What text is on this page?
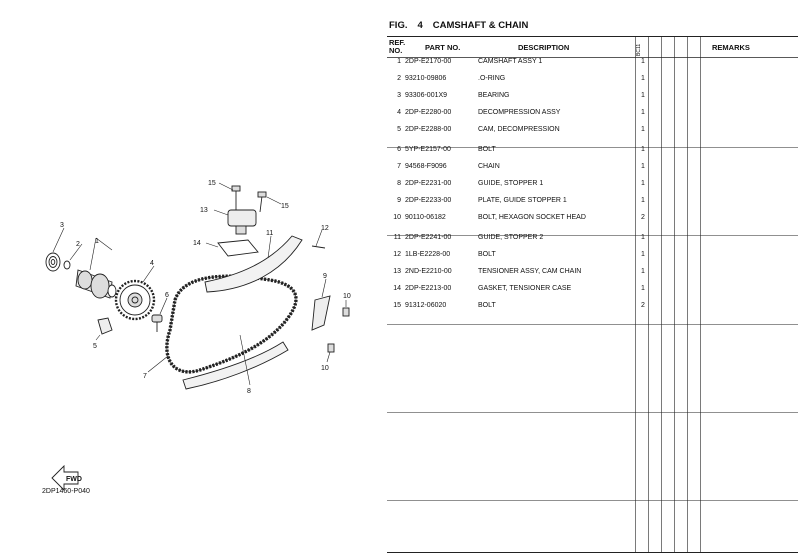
FWD
1
2
3
4
5
6
7
8
9
10
10
11
12
13
14
15
15
2DP1460-P040
FIG. 4 CAMSHAFT & CHAIN
REF.
NO.	PART NO.	DESCRIPTION	BC11	REMARKS
1 2DP-E2170-00	CAMSHAFT ASSY 1	1
2 93210-09806	.O-RING	1
3 93306-001X9	BEARING	1
4 2DP-E2280-00	DECOMPRESSION ASSY	1
5 2DP-E2288-00	CAM, DECOMPRESSION	1
6 5YP-E2157-00	BOLT	1
7 94568-F9096	CHAIN	1
8 2DP-E2231-00	GUIDE, STOPPER 1	1
9 2DP-E2233-00	PLATE, GUIDE STOPPER 1	1
10 90110-06182	BOLT, HEXAGON SOCKET HEAD	2
11 2DP-E2241-00	GUIDE, STOPPER 2	1
12 1LB-E2228-00	BOLT	1
13 2ND-E2210-00	TENSIONER ASSY, CAM CHAIN	1
14 2DP-E2213-00	GASKET, TENSIONER CASE	1
15 91312-06020	BOLT	2
